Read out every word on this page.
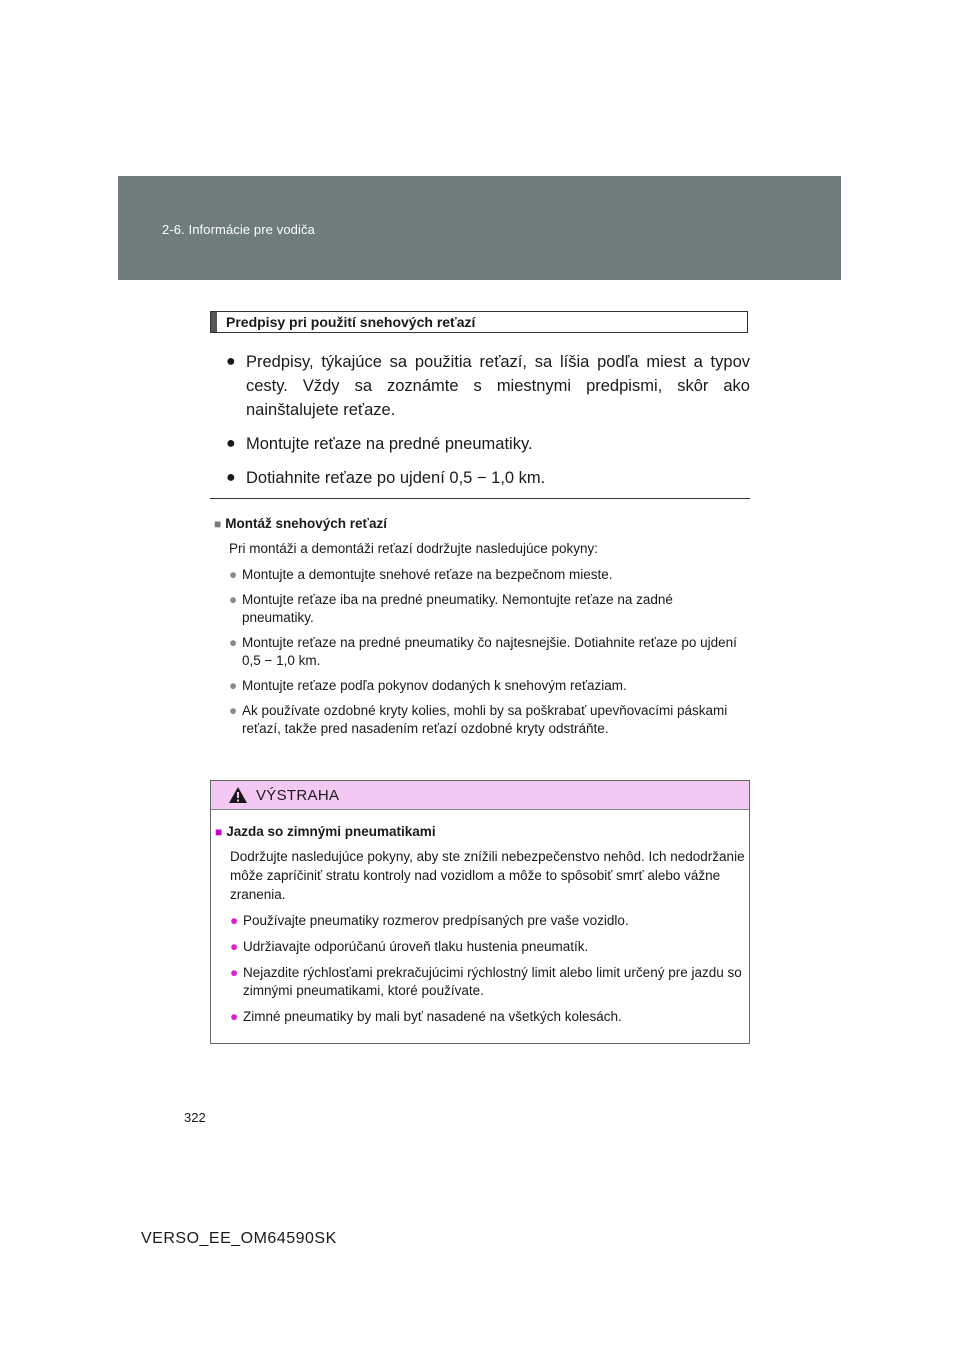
2-6. Informácie pre vodiča
Predpisy pri použití snehových reťazí
● Predpisy, týkajúce sa použitia reťazí, sa líšia podľa miest a typov cesty. Vždy sa zoznámte s miestnymi predpismi, skôr ako nainštalujete reťaze.
● Montujte reťaze na predné pneumatiky.
● Dotiahnite reťaze po ujdení 0,5 − 1,0 km.
■ Montáž snehových reťazí
Pri montáži a demontáži reťazí dodržujte nasledujúce pokyny:
● Montujte a demontujte snehové reťaze na bezpečnom mieste.
● Montujte reťaze iba na predné pneumatiky. Nemontujte reťaze na zadné pneumatiky.
● Montujte reťaze na predné pneumatiky čo najtesnejšie. Dotiahnite reťaze po ujdení 0,5 − 1,0 km.
● Montujte reťaze podľa pokynov dodaných k snehovým reťaziam.
● Ak používate ozdobné kryty kolies, mohli by sa poškrabať upevňovacími páskami reťazí, takže pred nasadením reťazí ozdobné kryty odstráňte.
VÝSTRAHA
■ Jazda so zimnými pneumatikami
Dodržujte nasledujúce pokyny, aby ste znížili nebezpečenstvo nehôd. Ich nedodržanie môže zapríčiniť stratu kontroly nad vozidlom a môže to spôsobiť smrť alebo vážne zranenia.
● Používajte pneumatiky rozmerov predpísaných pre vaše vozidlo.
● Udržiavajte odporúčanú úroveň tlaku hustenia pneumatík.
● Nejazdite rýchlosťami prekračujúcimi rýchlostný limit alebo limit určený pre jazdu so zimnými pneumatikami, ktoré používate.
● Zimné pneumatiky by mali byť nasadené na všetkých kolesách.
322
VERSO_EE_OM64590SK
